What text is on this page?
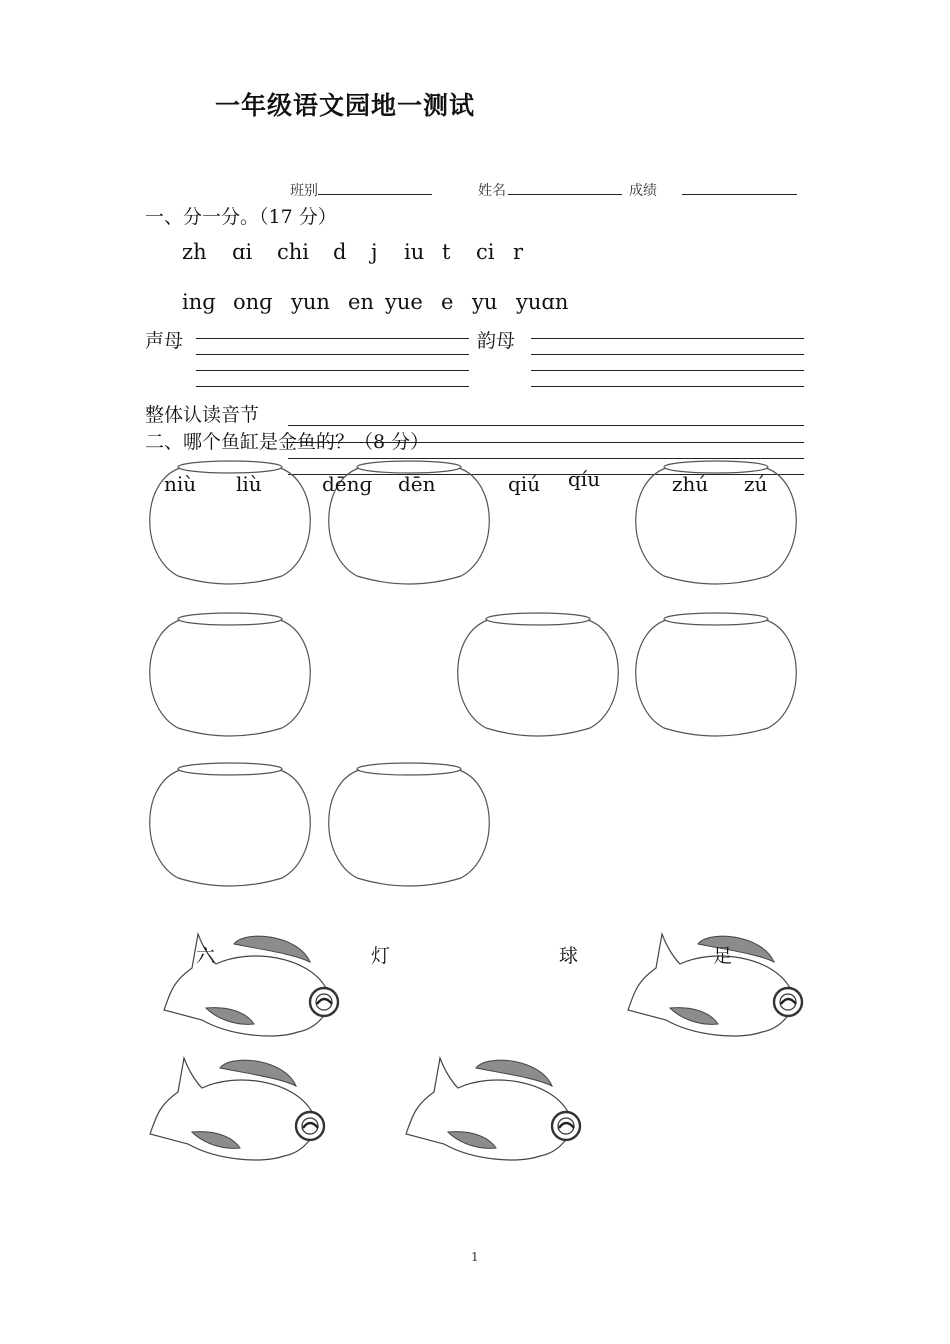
一年级语文园地一测试
班别	姓名	成绩
一、分一分。（17 分）
zh ɑi chi d j iu t ci r
inɡ onɡ yun en yue e yu yuɑn
声母	韵母
整体认读音节
二、哪个鱼缸是金鱼的？（8 分）
niù liù	dēnɡ dēn	qiú qíu	zhú zú
六	灯	球	足
1
